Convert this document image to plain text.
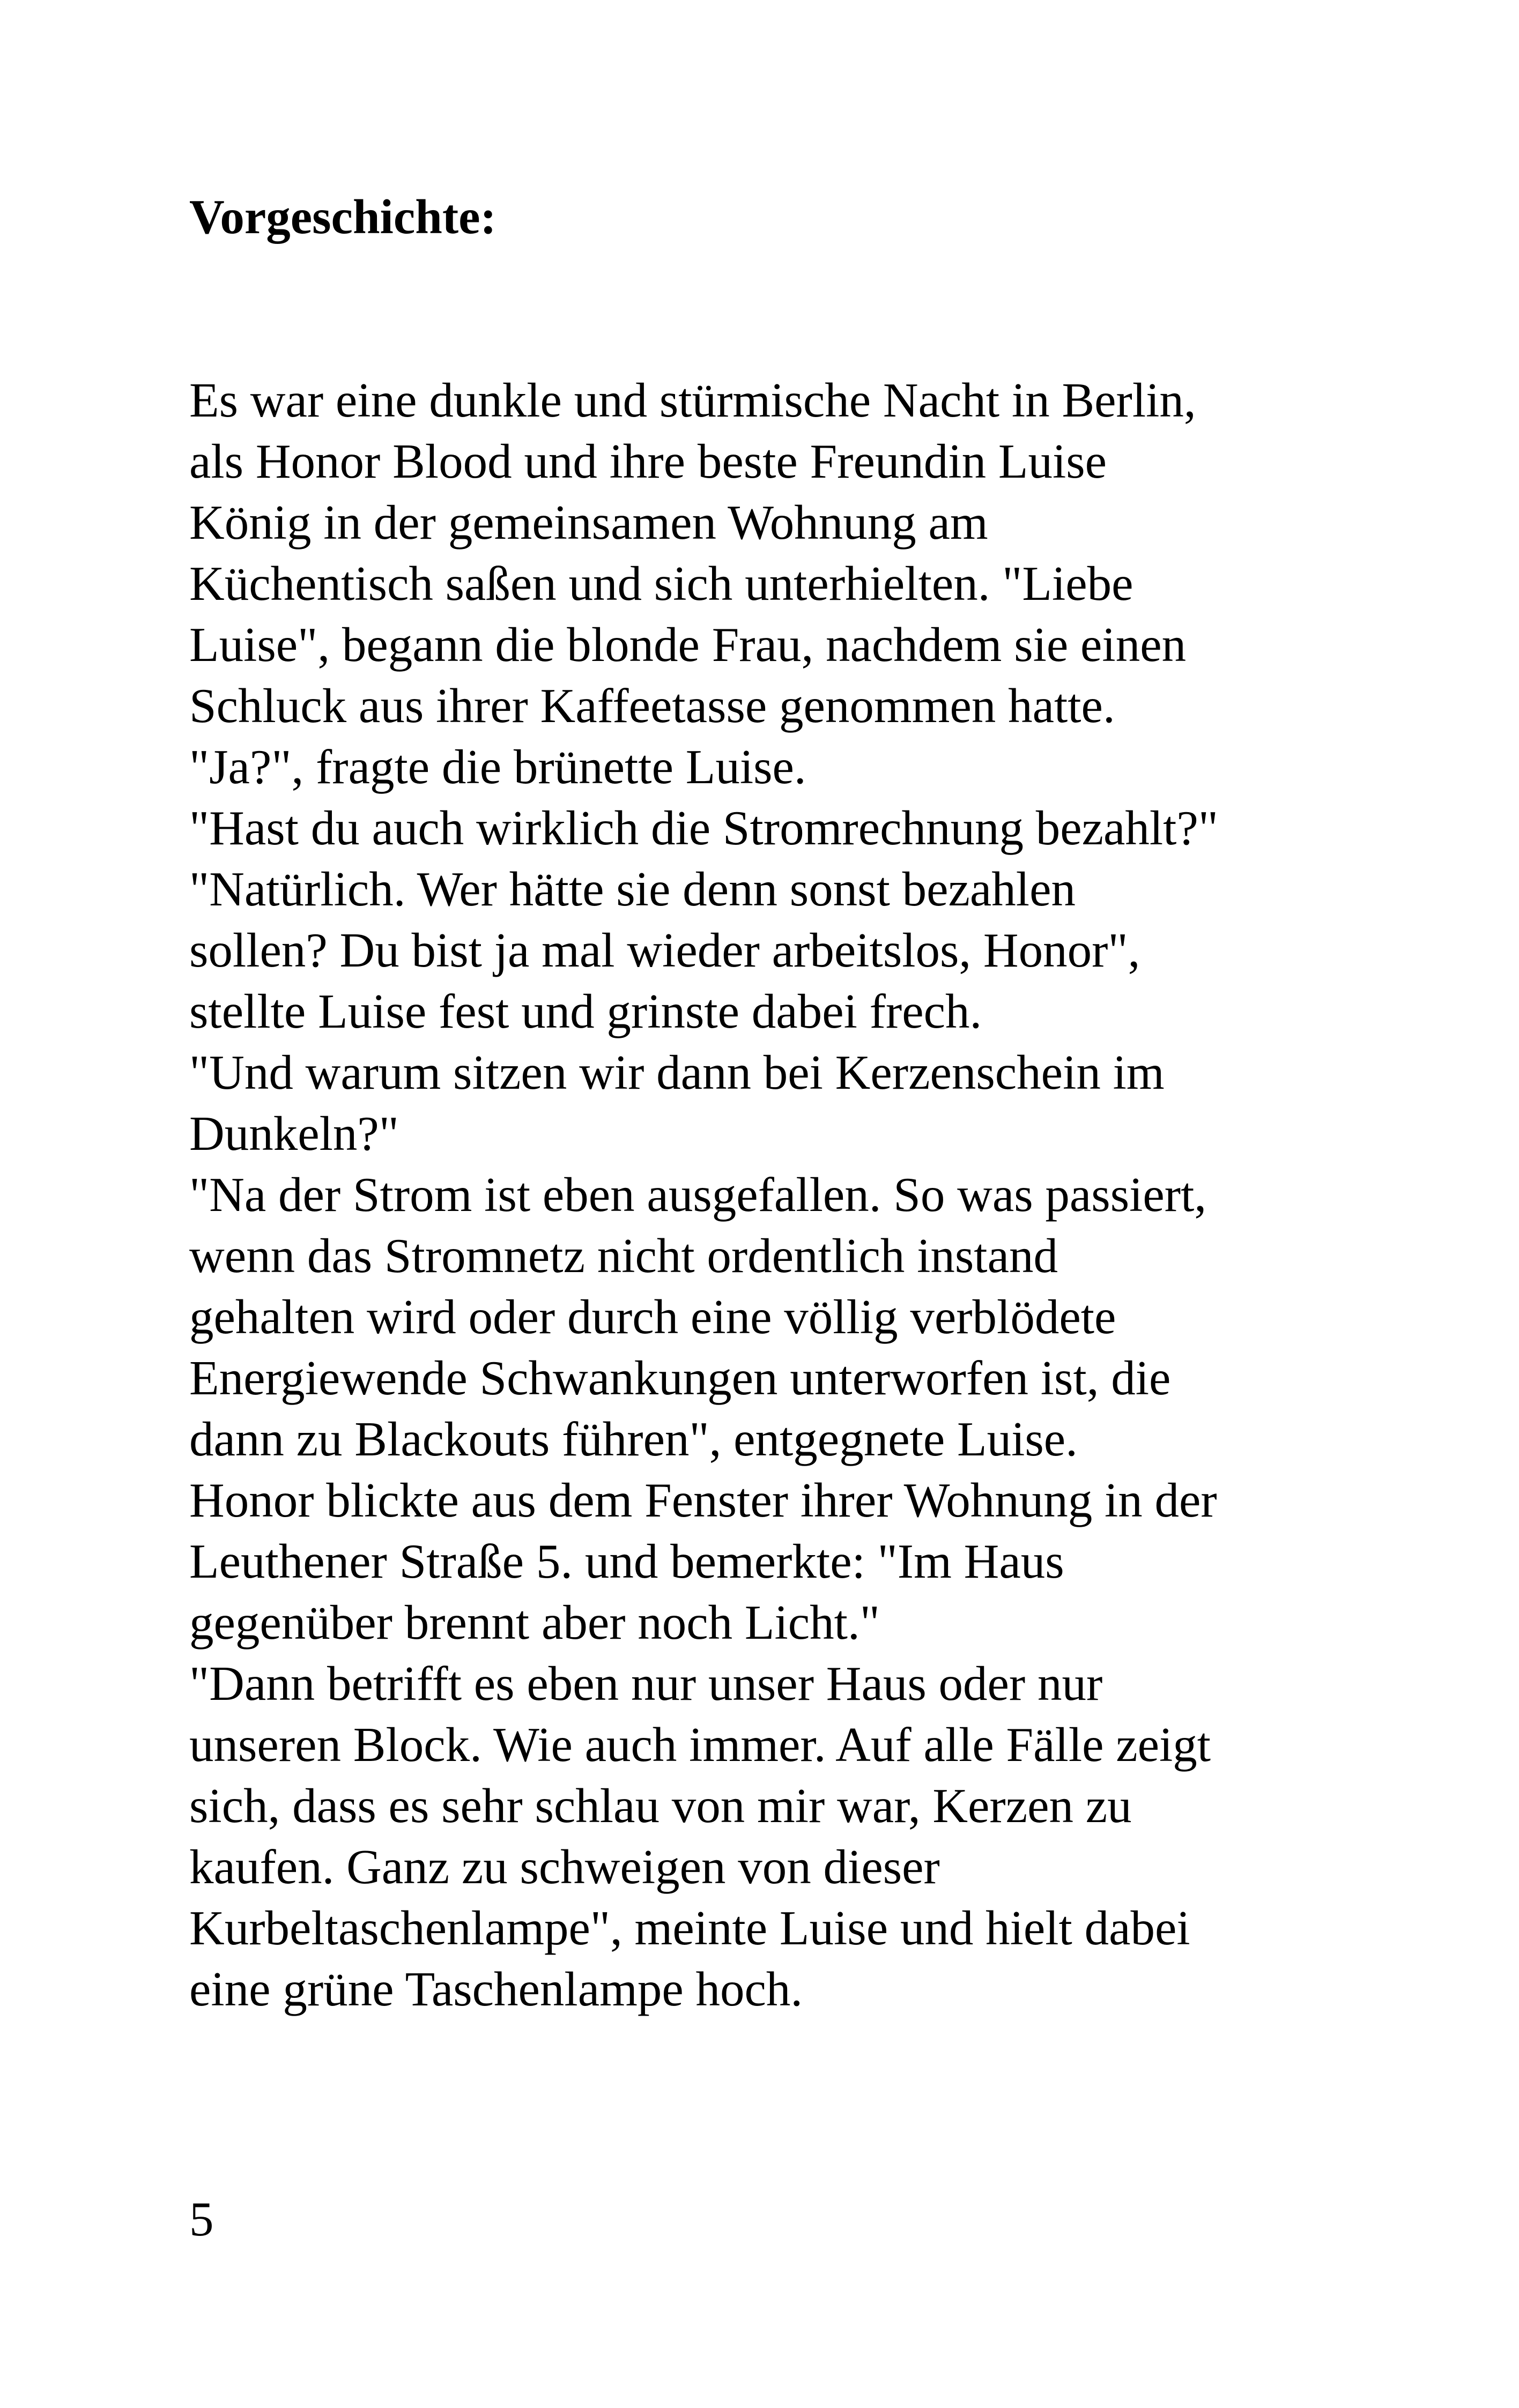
Vorgeschichte:
Es war eine dunkle und stürmische Nacht in Berlin,
als Honor Blood und ihre beste Freundin Luise
König in der gemeinsamen Wohnung am
Küchentisch saßen und sich unterhielten. "Liebe
Luise", begann die blonde Frau, nachdem sie einen
Schluck aus ihrer Kaffeetasse genommen hatte.
"Ja?", fragte die brünette Luise.
"Hast du auch wirklich die Stromrechnung bezahlt?"
"Natürlich. Wer hätte sie denn sonst bezahlen
sollen? Du bist ja mal wieder arbeitslos, Honor",
stellte Luise fest und grinste dabei frech.
"Und warum sitzen wir dann bei Kerzenschein im
Dunkeln?"
"Na der Strom ist eben ausgefallen. So was passiert,
wenn das Stromnetz nicht ordentlich instand
gehalten wird oder durch eine völlig verblödete
Energiewende Schwankungen unterworfen ist, die
dann zu Blackouts führen", entgegnete Luise.
Honor blickte aus dem Fenster ihrer Wohnung in der
Leuthener Straße 5. und bemerkte: "Im Haus
gegenüber brennt aber noch Licht."
"Dann betrifft es eben nur unser Haus oder nur
unseren Block. Wie auch immer. Auf alle Fälle zeigt
sich, dass es sehr schlau von mir war, Kerzen zu
kaufen. Ganz zu schweigen von dieser
Kurbeltaschenlampe", meinte Luise und hielt dabei
eine grüne Taschenlampe hoch.
5
